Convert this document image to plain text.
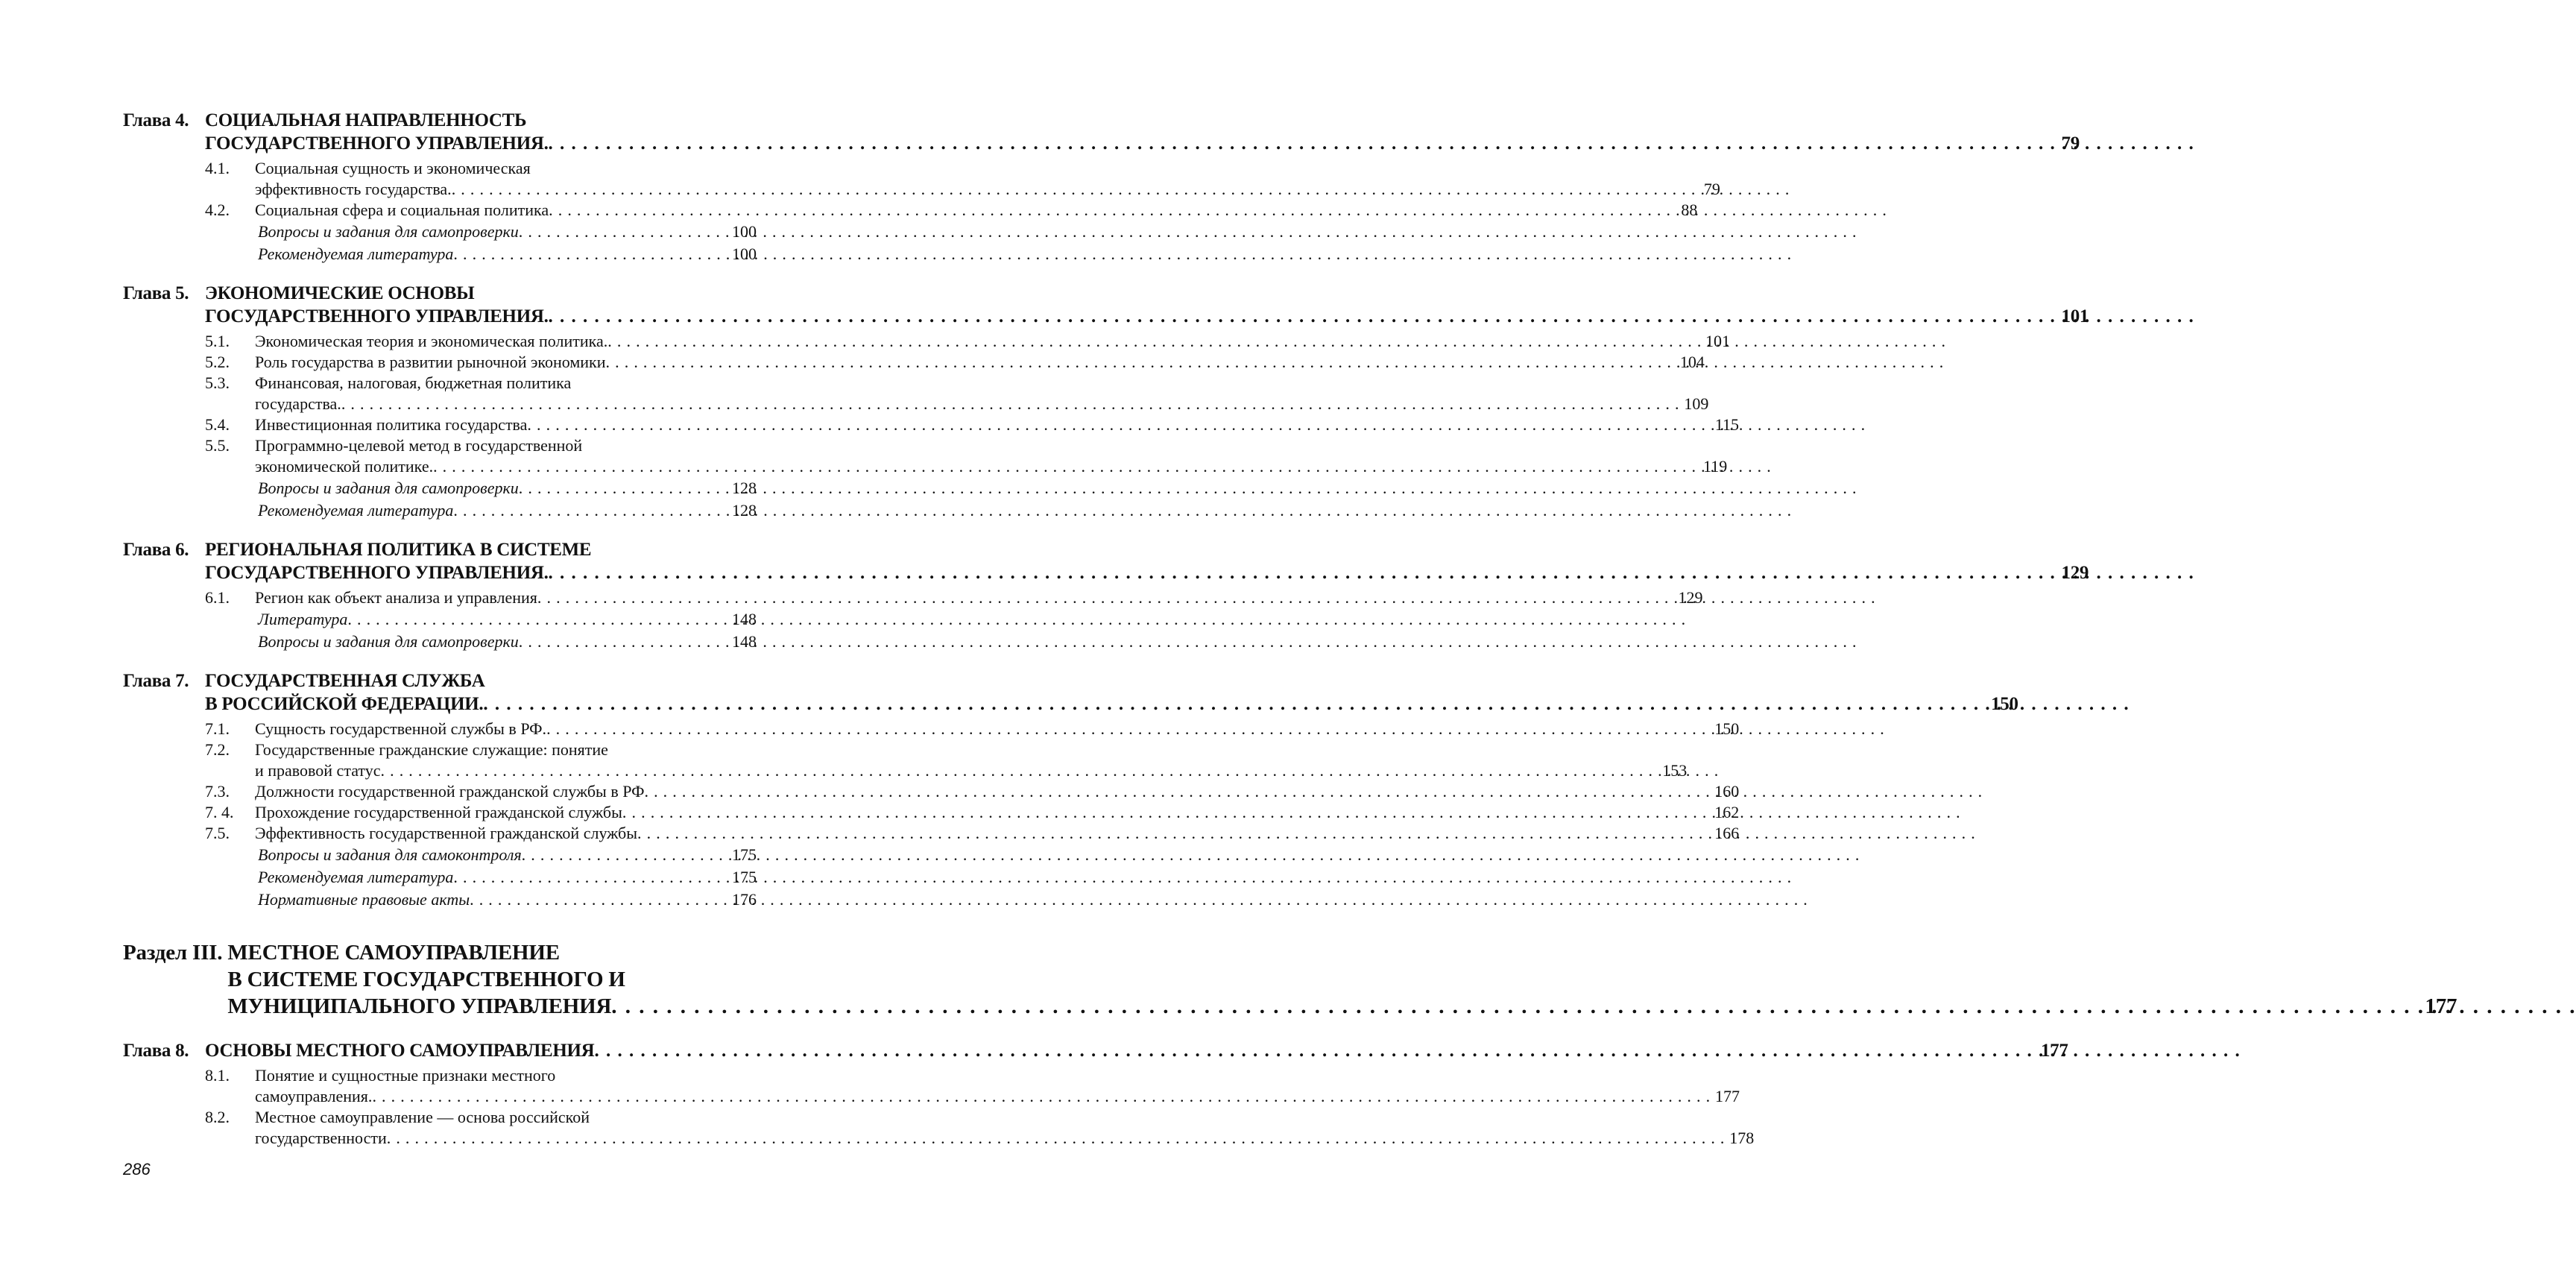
Глава 4. СОЦИАЛЬНАЯ НАПРАВЛЕННОСТЬ
ГОСУДАРСТВЕННОГО УПРАВЛЕНИЯ. . . .	79
4.1.	Социальная сущность и экономическая
эффективность государства. . . .	79
4.2.	Социальная сфера и социальная политика . . .	88
Вопросы и задания для самопроверки . . .	100
Рекомендуемая литература . . .	100
Глава 5. ЭКОНОМИЧЕСКИЕ ОСНОВЫ
ГОСУДАРСТВЕННОГО УПРАВЛЕНИЯ. . . .	101
5.1.	Экономическая теория и экономическая политика. . . .	101
5.2.	Роль государства в развитии рыночной экономики . . .	104
5.3.	Финансовая, налоговая, бюджетная политика
государства. . . .	109
5.4.	Инвестиционная политика государства . . .	115
5.5.	Программно-целевой метод в государственной
экономической политике. . . .	119
Вопросы и задания для самопроверки . . .	128
Рекомендуемая литература . . .	128
Глава 6. РЕГИОНАЛЬНАЯ ПОЛИТИКА В СИСТЕМЕ
ГОСУДАРСТВЕННОГО УПРАВЛЕНИЯ. . . .	129
6.1.	Регион как объект анализа и управления . . .	129
Литература . . .	148
Вопросы и задания для самопроверки . . .	148
Глава 7. ГОСУДАРСТВЕННАЯ СЛУЖБА
В РОССИЙСКОЙ ФЕДЕРАЦИИ. . . .	150
7.1.	Сущность государственной службы в РФ. . . .	150
7.2.	Государственные гражданские служащие: понятие
и правовой статус . . .	153
7.3.	Должности государственной гражданской службы в РФ . . .	160
7. 4.	Прохождение государственной гражданской службы . . .	162
7.5.	Эффективность государственной гражданской службы . . .	166
Вопросы и задания для самоконтроля . . .	175
Рекомендуемая литература . . .	175
Нормативные правовые акты . . .	176
Раздел III. МЕСТНОЕ САМОУПРАВЛЕНИЕ
В СИСТЕМЕ ГОСУДАРСТВЕННОГО И
МУНИЦИПАЛЬНОГО УПРАВЛЕНИЯ . . .	177
Глава 8. ОСНОВЫ МЕСТНОГО САМОУПРАВЛЕНИЯ . . .	177
8.1.	Понятие и сущностные признаки местного
самоуправления. . . .	177
8.2.	Местное самоуправление — основа российской
государственности . . .	178
286
